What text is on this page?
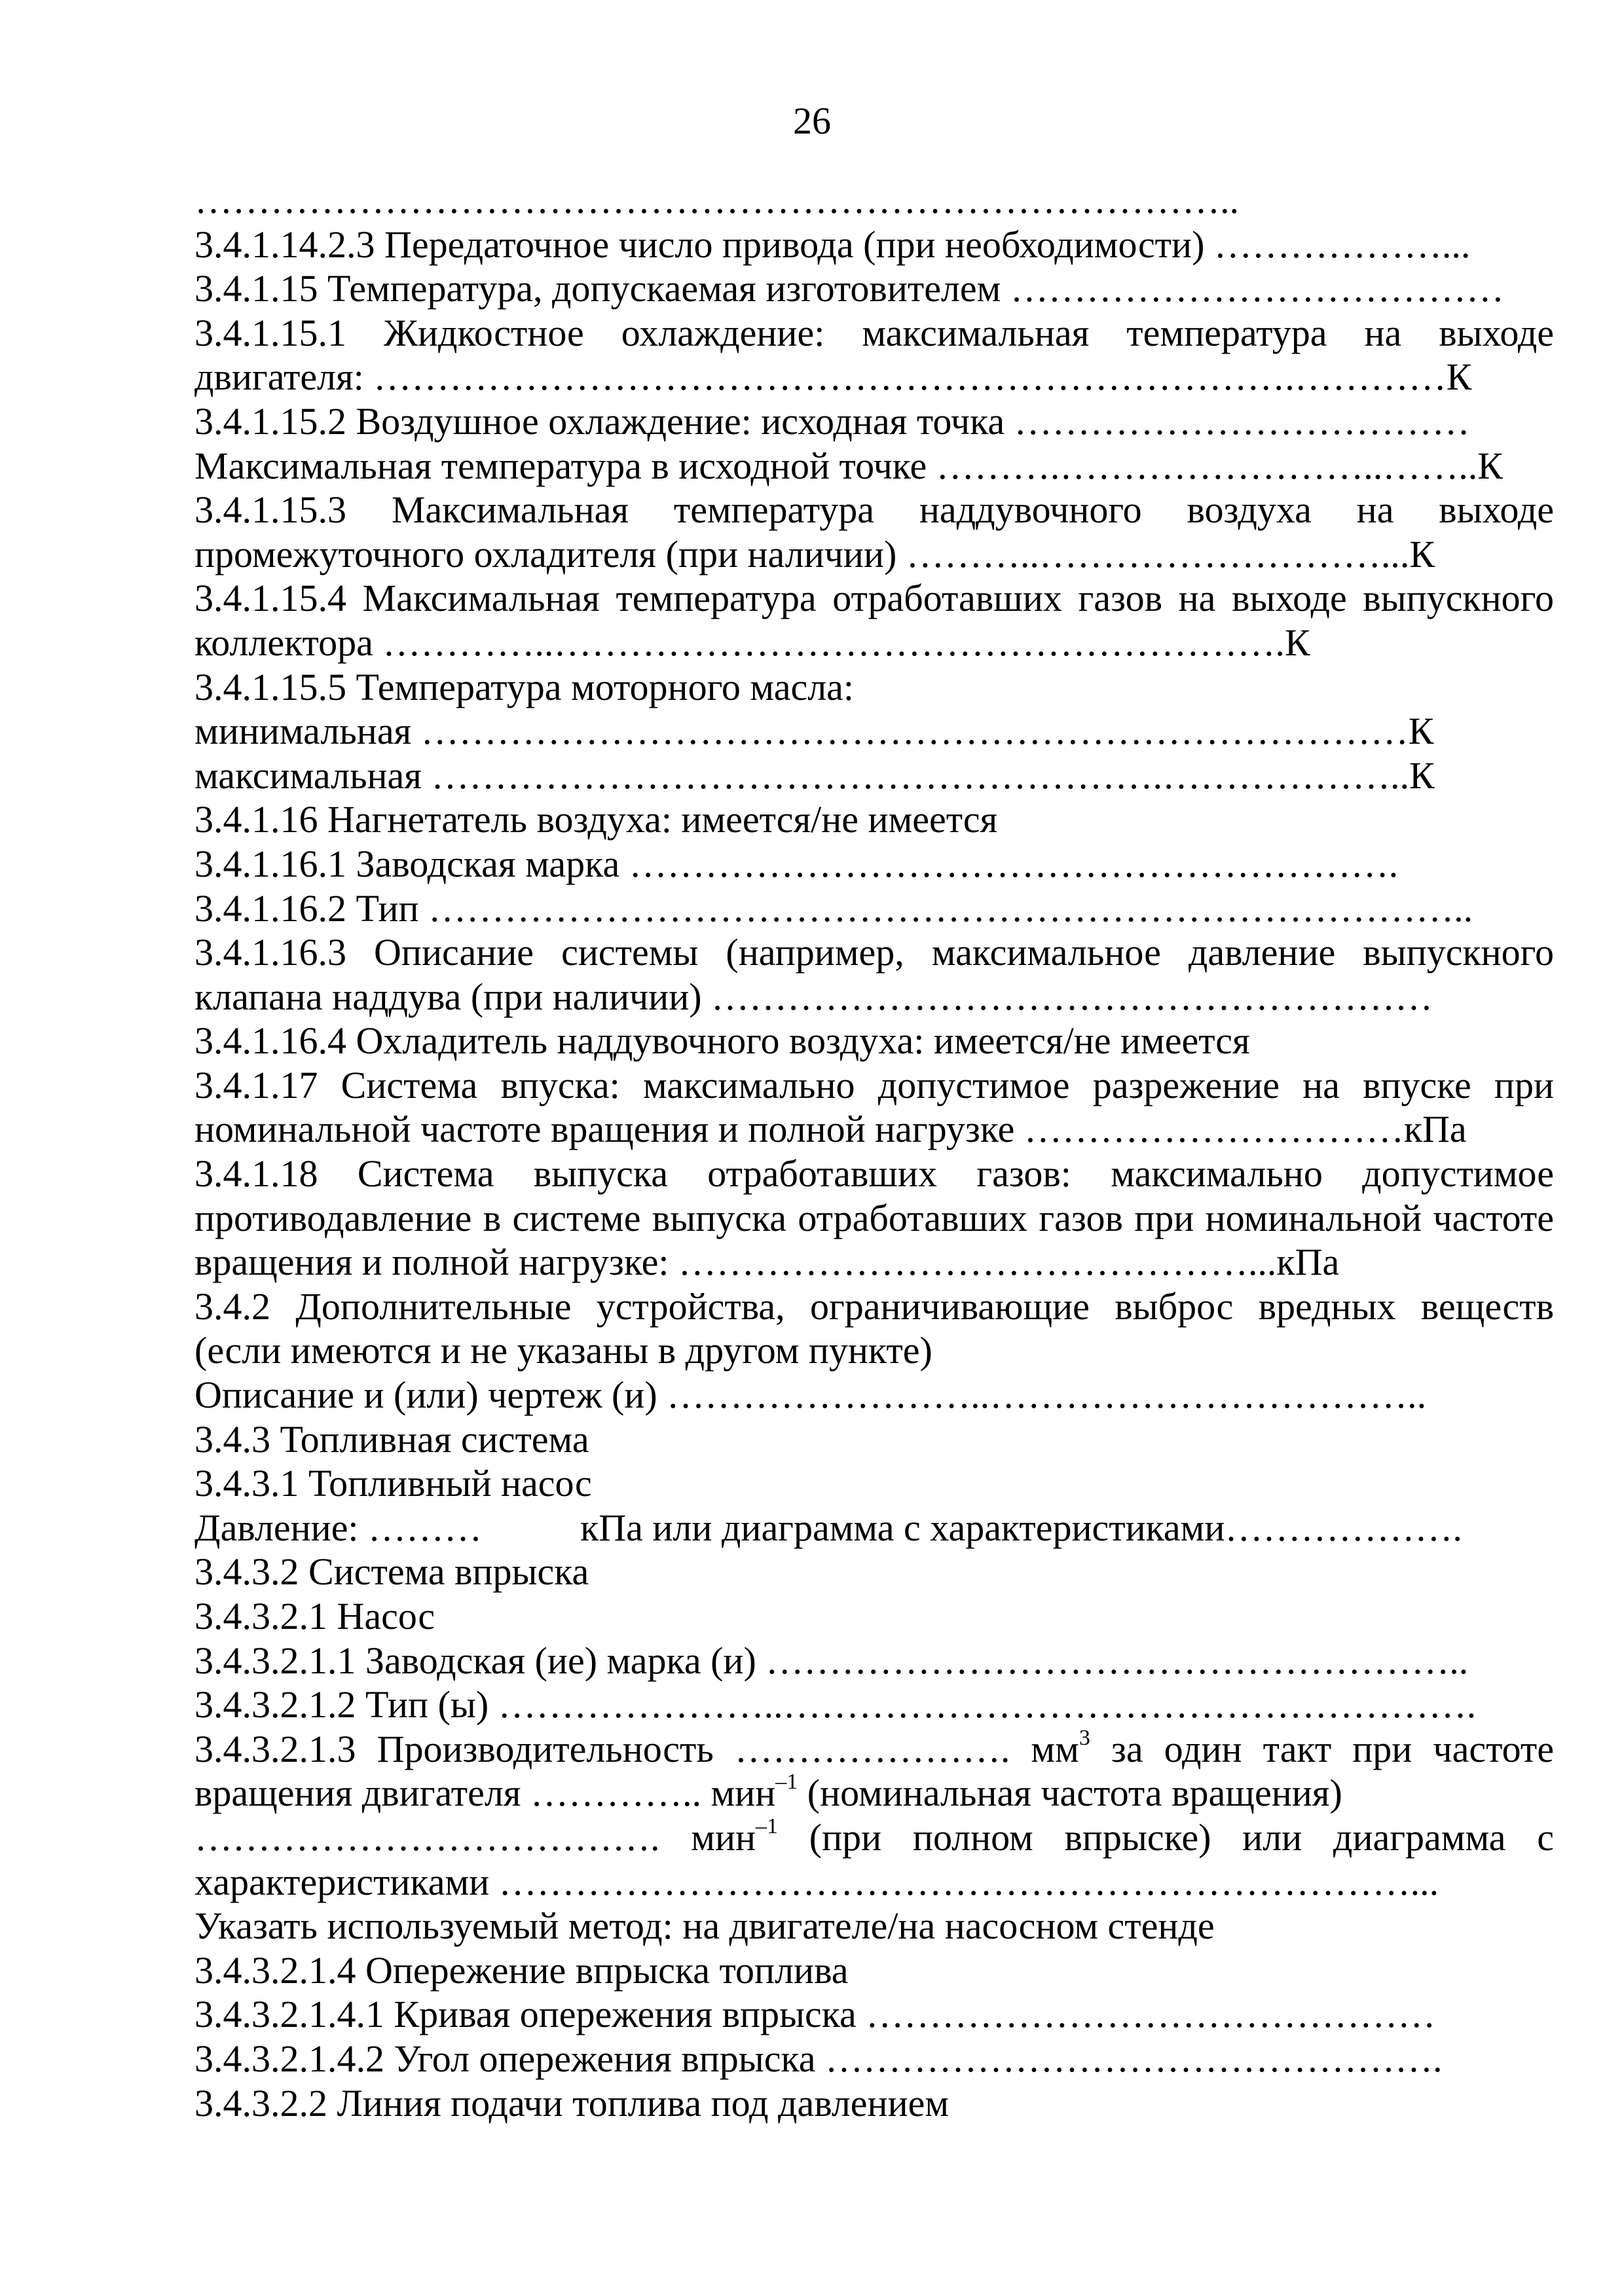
26
………………………………………………………………………..
3.4.1.14.2.3 Передаточное число привода (при необходимости) ………………...
3.4.1.15 Температура, допускаемая изготовителем …………………………………
3.4.1.15.1 Жидкостное охлаждение: максимальная температура на выходе двигателя: ……………………………………………………………….…………К
3.4.1.15.2 Воздушное охлаждение: исходная точка ………………………………
Максимальная температура в исходной точке ……….……………………..……..К
3.4.1.15.3 Максимальная температура наддувочного воздуха на выходе промежуточного охладителя (при наличии) ………..………………………...К
3.4.1.15.4 Максимальная температура отработавших газов на выходе выпускного коллектора …………..………………………………………………….К
3.4.1.15.5 Температура моторного масла:
минимальная ……………………………………………………………………К
максимальная ………………………………………………….………………..К
3.4.1.16 Нагнетатель воздуха: имеется/не имеется
3.4.1.16.1 Заводская марка …………………………………………………….
3.4.1.16.2 Тип ………………………………………………………………………..
3.4.1.16.3 Описание системы (например, максимальное давление выпускного клапана наддува (при наличии) …………………………………………………
3.4.1.16.4 Охладитель наддувочного воздуха: имеется/не имеется
3.4.1.17 Система впуска: максимально допустимое разрежение на впуске при номинальной частоте вращения и полной нагрузке …………………………кПа
3.4.1.18 Система выпуска отработавших газов: максимально допустимое противодавление в системе выпуска отработавших газов при номинальной частоте вращения и полной нагрузке: ………………………………………...кПа
3.4.2 Дополнительные устройства, ограничивающие выброс вредных веществ (если имеются и не указаны в другом пункте)
Описание и (или) чертеж (и) ……………………..……………………………..
3.4.3 Топливная система
3.4.3.1 Топливный насос
Давление: ………	кПа или диаграмма с характеристиками……………….
3.4.3.2 Система впрыска
3.4.3.2.1 Насос
3.4.3.2.1.1 Заводская (ие) марка (и) ………………………………………………..
3.4.3.2.1.2 Тип (ы) …………………..……………………………………………….
3.4.3.2.1.3 Производительность …………………. $мм^3$ за один такт при частоте
вращения двигателя ………….. мин$^{-1}$ (номинальная частота вращения)
………………………………. мин$^{-1}$ (при полном впрыске) или диаграмма с
характеристиками ………………………………………………………………...
Указать используемый метод: на двигателе/на насосном стенде
3.4.3.2.1.4 Опережение впрыска топлива
3.4.3.2.1.4.1 Кривая опережения впрыска ………………………………………
3.4.3.2.1.4.2 Угол опережения впрыска ………………………………………….
3.4.3.2.2 Линия подачи топлива под давлением
